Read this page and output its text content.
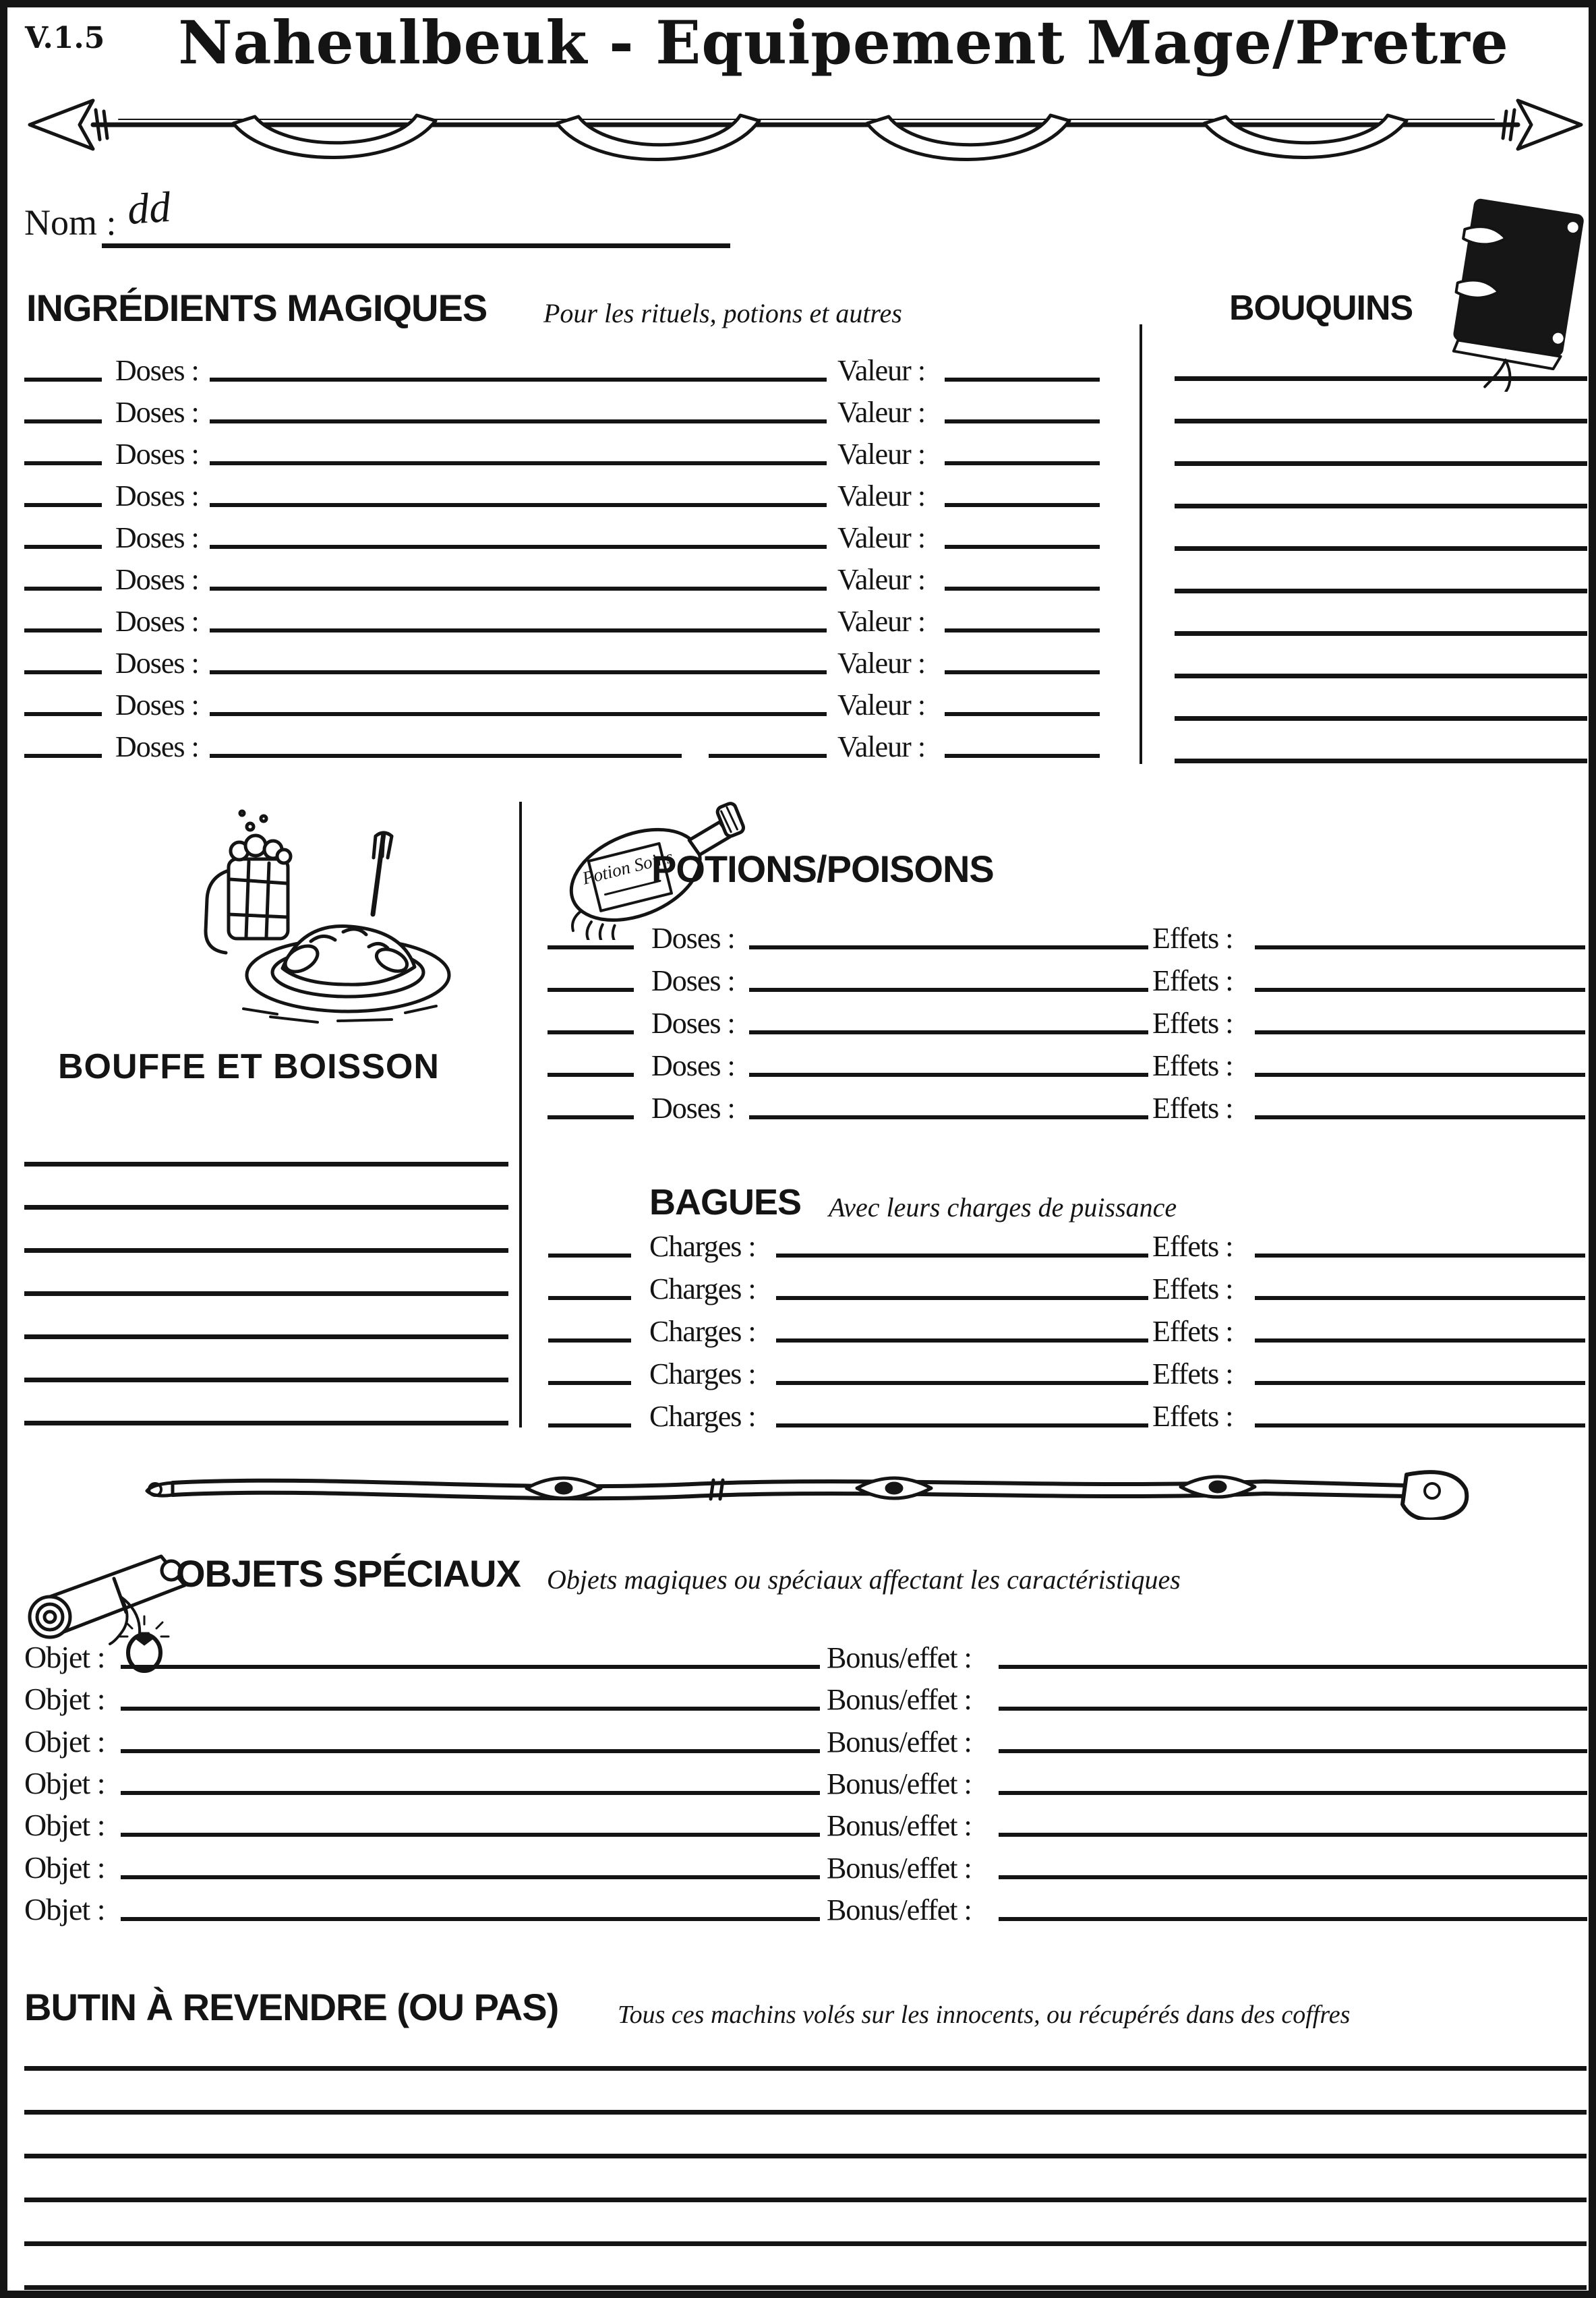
V.1.5	Naheulbeuk - Equipement Mage/Pretre
Nom : dd
INGRÉDIENTS MAGIQUES Pour les rituels, potions et autres
Doses :	Valeur :
Doses :	Valeur :
Doses :	Valeur :
Doses :	Valeur :
Doses :	Valeur :
Doses :	Valeur :
Doses :	Valeur :
Doses :	Valeur :
Doses :	Valeur :
Doses :	Valeur :
BOUQUINS
BOUFFE ET BOISSON
Potion Soins
POTIONS/POISONS
Doses :	Effets :
Doses :	Effets :
Doses :	Effets :
Doses :	Effets :
Doses :	Effets :
BAGUES Avec leurs charges de puissance
Charges :	Effets :
Charges :	Effets :
Charges :	Effets :
Charges :	Effets :
Charges :	Effets :
OBJETS SPÉCIAUX Objets magiques ou spéciaux affectant les caractéristiques
Objet :	Bonus/effet :
Objet :	Bonus/effet :
Objet :	Bonus/effet :
Objet :	Bonus/effet :
Objet :	Bonus/effet :
Objet :	Bonus/effet :
Objet :	Bonus/effet :
BUTIN À REVENDRE (OU PAS) Tous ces machins volés sur les innocents, ou récupérés dans des coffres
